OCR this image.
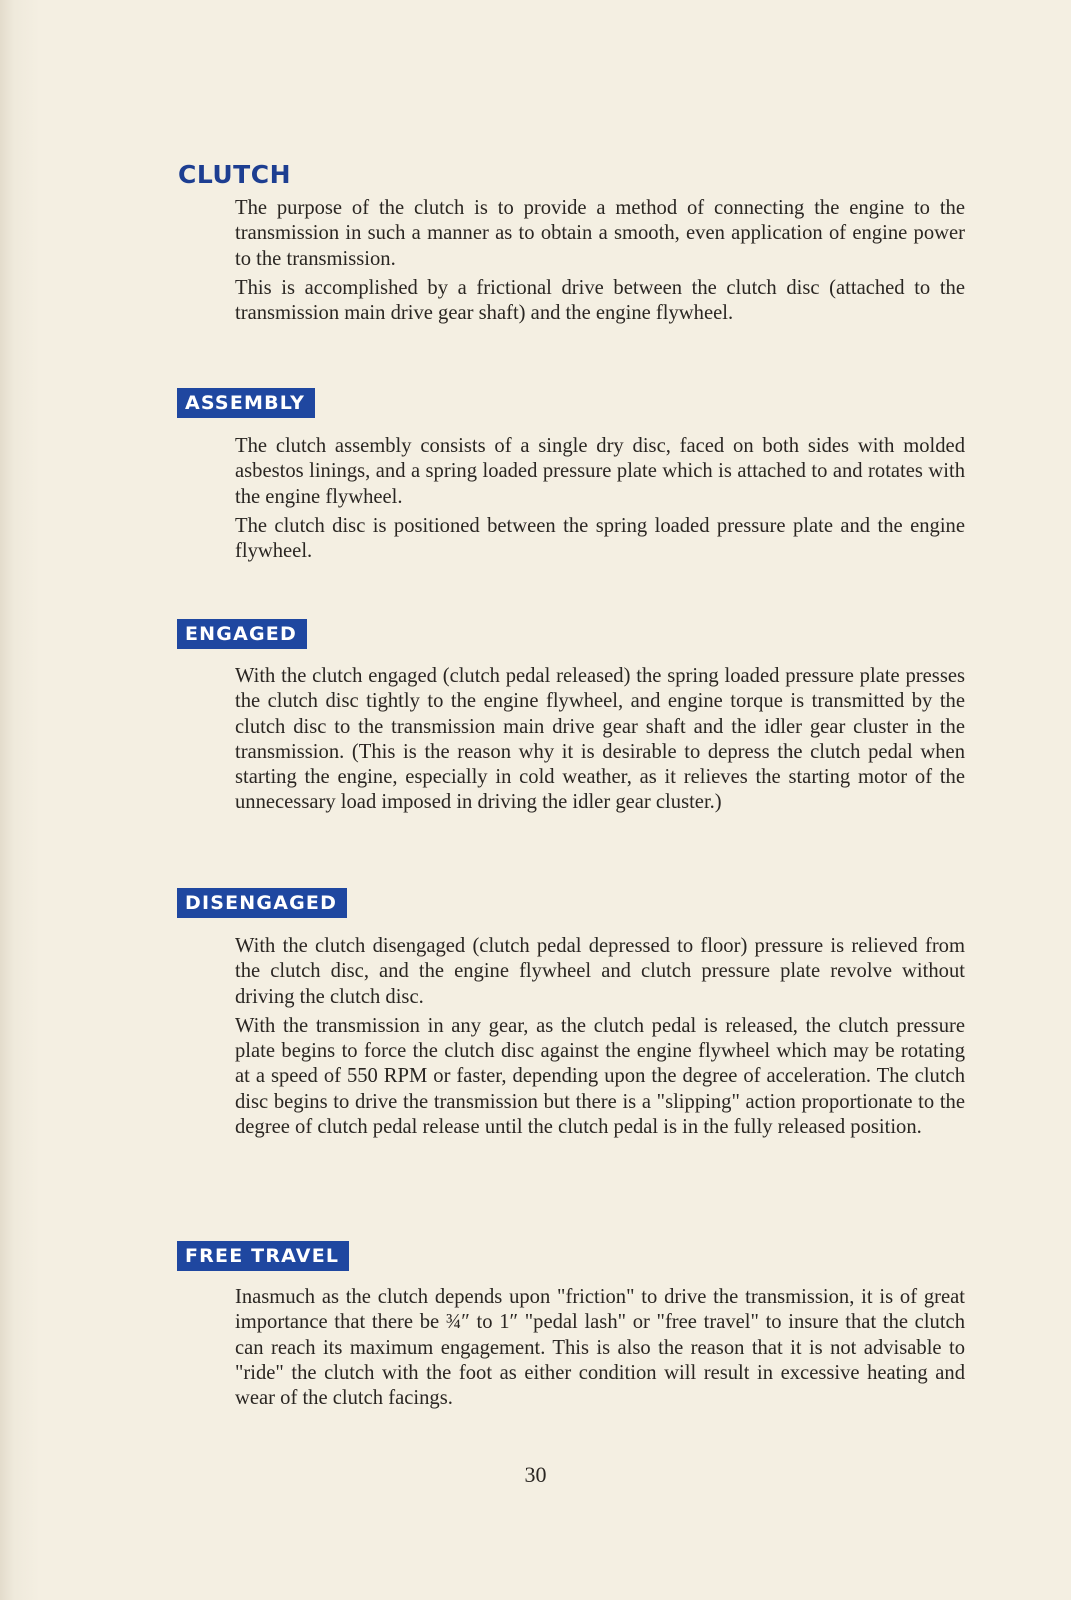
CLUTCH

The purpose of the clutch is to provide a method of connecting the engine to the transmission in such a manner as to obtain a smooth, even application of engine power to the transmission.

This is accomplished by a frictional drive between the clutch disc (attached to the transmission main drive gear shaft) and the engine flywheel.

ASSEMBLY

The clutch assembly consists of a single dry disc, faced on both sides with molded asbestos linings, and a spring loaded pressure plate which is attached to and rotates with the engine flywheel.

The clutch disc is positioned between the spring loaded pressure plate and the engine flywheel.

ENGAGED

With the clutch engaged (clutch pedal released) the spring loaded pressure plate presses the clutch disc tightly to the engine flywheel, and engine torque is transmitted by the clutch disc to the transmission main drive gear shaft and the idler gear cluster in the transmission. (This is the reason why it is desirable to depress the clutch pedal when starting the engine, especially in cold weather, as it relieves the starting motor of the unnecessary load imposed in driving the idler gear cluster.)

DISENGAGED

With the clutch disengaged (clutch pedal depressed to floor) pressure is relieved from the clutch disc, and the engine flywheel and clutch pressure plate revolve without driving the clutch disc.

With the transmission in any gear, as the clutch pedal is released, the clutch pressure plate begins to force the clutch disc against the engine flywheel which may be rotating at a speed of 550 RPM or faster, depending upon the degree of acceleration. The clutch disc begins to drive the transmission but there is a "slipping" action proportionate to the degree of clutch pedal release until the clutch pedal is in the fully released position.

FREE TRAVEL

Inasmuch as the clutch depends upon "friction" to drive the transmission, it is of great importance that there be ¾″ to 1″ "pedal lash" or "free travel" to insure that the clutch can reach its maximum engagement. This is also the reason that it is not advisable to "ride" the clutch with the foot as either condition will result in excessive heating and wear of the clutch facings.

30
